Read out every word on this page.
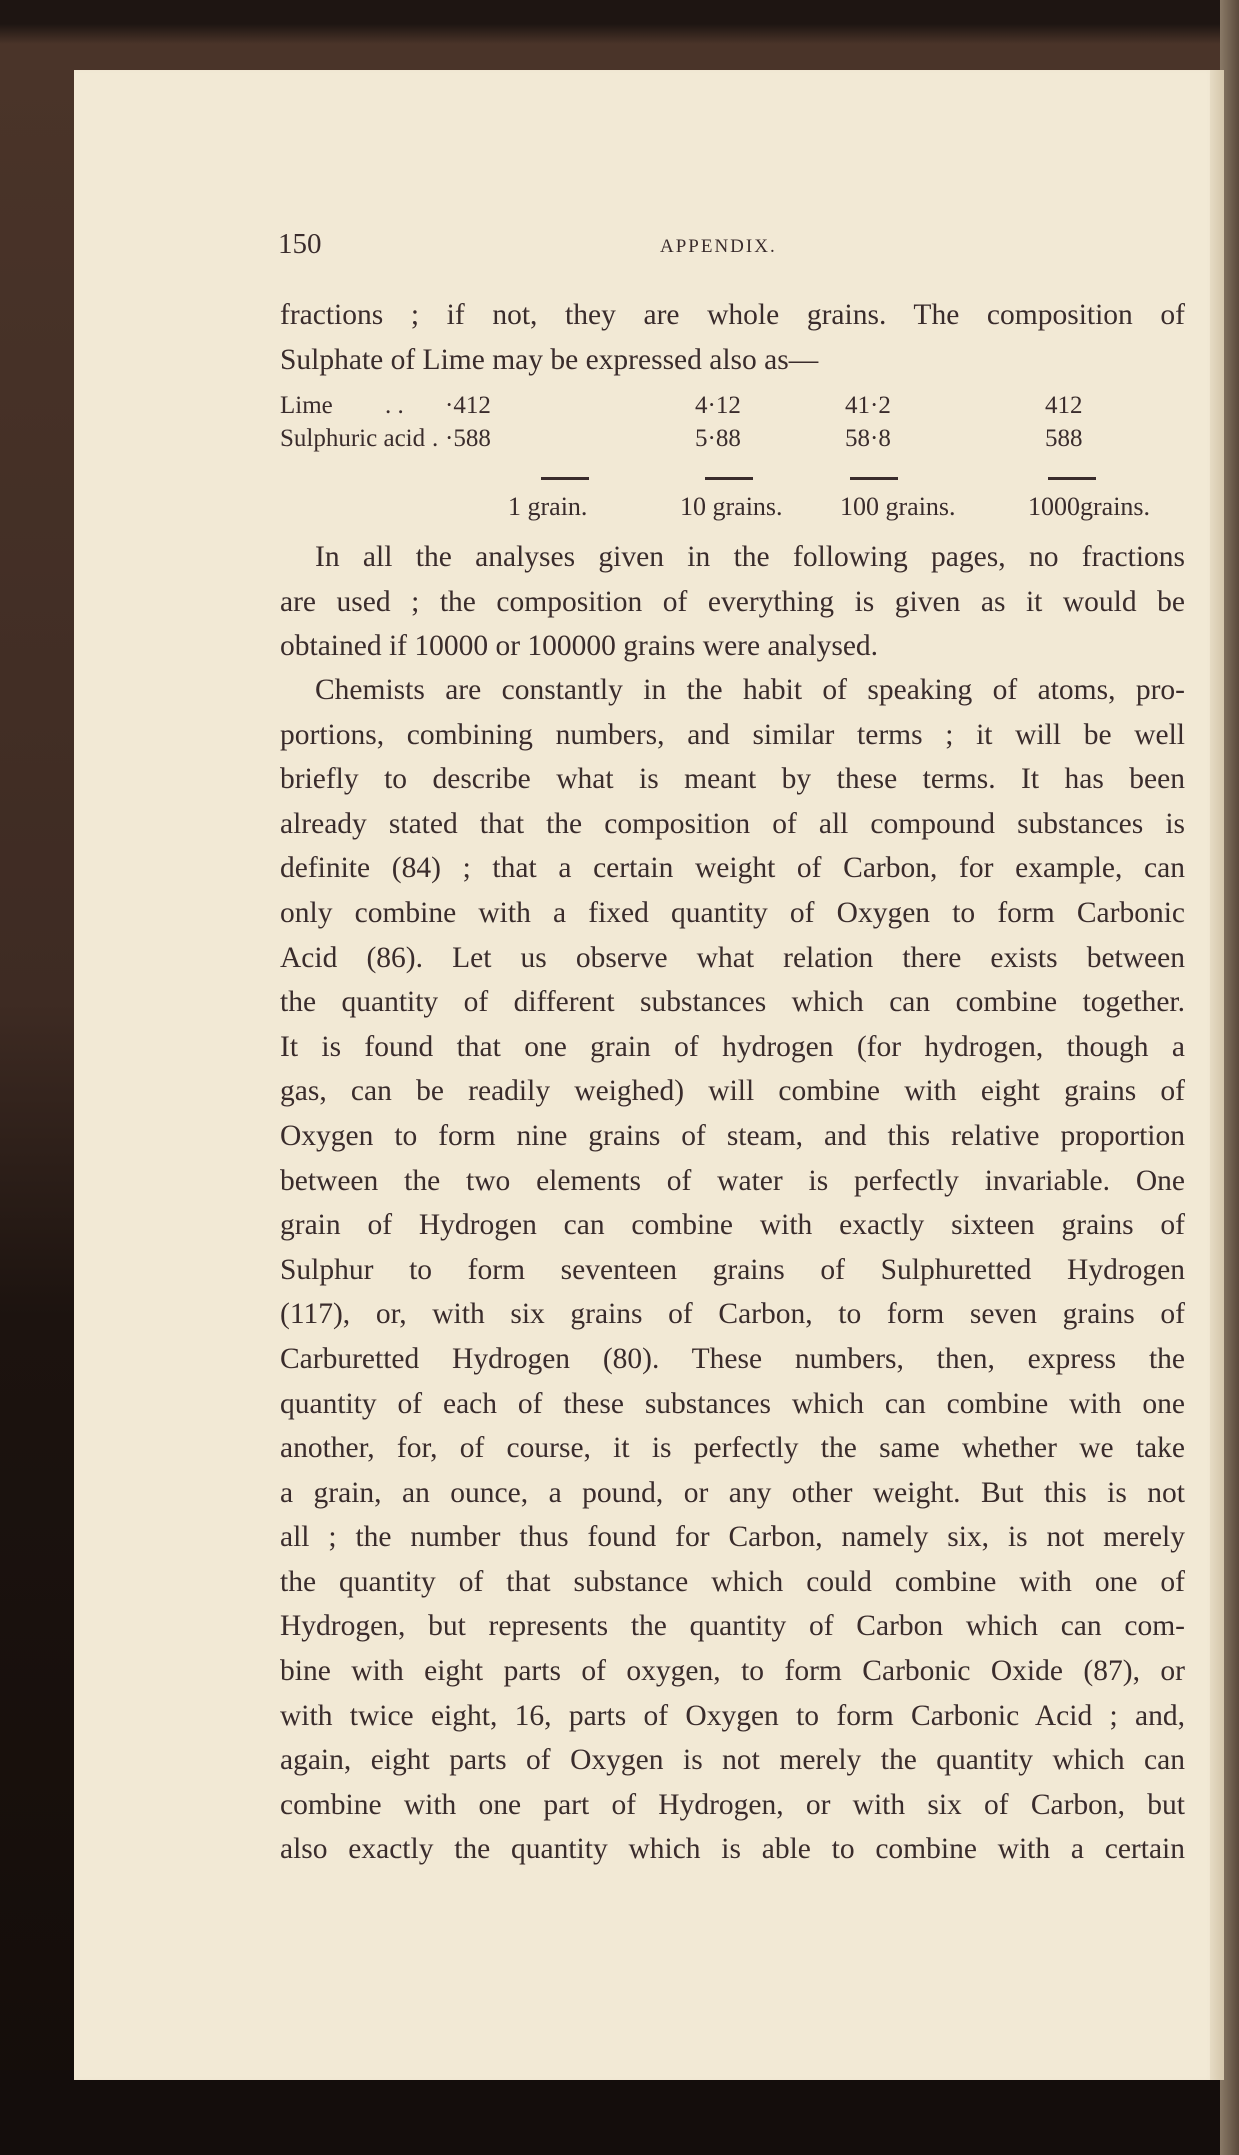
150	APPENDIX.
fractions ; if not, they are whole grains. The composition of
Sulphate of Lime may be expressed also as—
Lime . . ·412	4·12	41·2	412
Sulphuric acid . ·588	5·88	58·8	588
1 grain.	10 grains. 100 grains.	1000grains.
In all the analyses given in the following pages, no fractions
are used ; the composition of everything is given as it would be
obtained if 10000 or 100000 grains were analysed.
Chemists are constantly in the habit of speaking of atoms, pro-
portions, combining numbers, and similar terms ; it will be well
briefly to describe what is meant by these terms. It has been
already stated that the composition of all compound substances is
definite (84) ; that a certain weight of Carbon, for example, can
only combine with a fixed quantity of Oxygen to form Carbonic
Acid (86). Let us observe what relation there exists between
the quantity of different substances which can combine together.
It is found that one grain of hydrogen (for hydrogen, though a
gas, can be readily weighed) will combine with eight grains of
Oxygen to form nine grains of steam, and this relative proportion
between the two elements of water is perfectly invariable. One
grain of Hydrogen can combine with exactly sixteen grains of
Sulphur to form seventeen grains of Sulphuretted Hydrogen
(117), or, with six grains of Carbon, to form seven grains of
Carburetted Hydrogen (80). These numbers, then, express the
quantity of each of these substances which can combine with one
another, for, of course, it is perfectly the same whether we take
a grain, an ounce, a pound, or any other weight. But this is not
all ; the number thus found for Carbon, namely six, is not merely
the quantity of that substance which could combine with one of
Hydrogen, but represents the quantity of Carbon which can com-
bine with eight parts of oxygen, to form Carbonic Oxide (87), or
with twice eight, 16, parts of Oxygen to form Carbonic Acid ; and,
again, eight parts of Oxygen is not merely the quantity which can
combine with one part of Hydrogen, or with six of Carbon, but
also exactly the quantity which is able to combine with a certain
